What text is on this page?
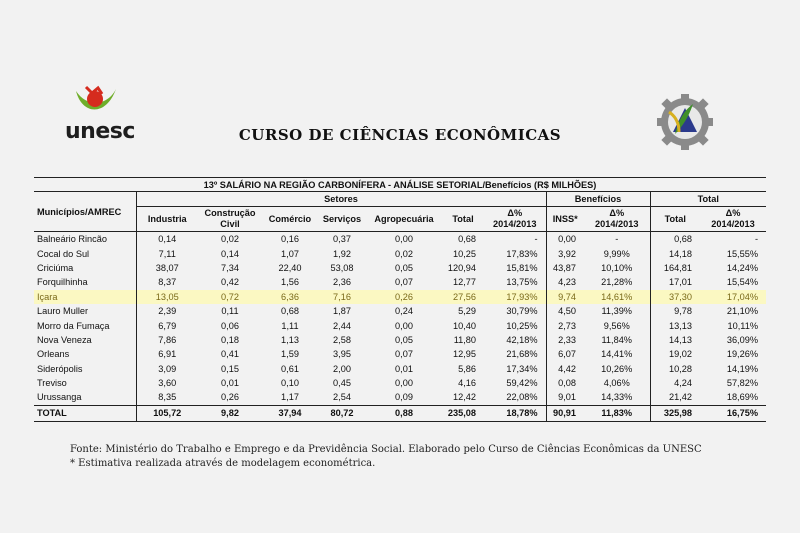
unesc	CURSO DE CIÊNCIAS ECONÔMICAS
13º SALÁRIO NA REGIÃO CARBONÍFERA - ANÁLISE SETORIAL/Benefícios (R$ MILHÕES)											
Municípios/AMREC	Setores							Benefícios		Total	
	Industria	Construção Civil	Comércio	Serviços	Agropecuária	Total	Δ% 2014/2013	INSS*	Δ% 2014/2013	Total	Δ% 2014/2013
Balneário Rincão	0,14	0,02	0,16	0,37	0,00	0,68	-	0,00	-	0,68	-
Cocal do Sul	7,11	0,14	1,07	1,92	0,02	10,25	17,83%	3,92	9,99%	14,18	15,55%
Criciúma	38,07	7,34	22,40	53,08	0,05	120,94	15,81%	43,87	10,10%	164,81	14,24%
Forquilhinha	8,37	0,42	1,56	2,36	0,07	12,77	13,75%	4,23	21,28%	17,01	15,54%
Içara	13,05	0,72	6,36	7,16	0,26	27,56	17,93%	9,74	14,61%	37,30	17,04%
Lauro Muller	2,39	0,11	0,68	1,87	0,24	5,29	30,79%	4,50	11,39%	9,78	21,10%
Morro da Fumaça	6,79	0,06	1,11	2,44	0,00	10,40	10,25%	2,73	9,56%	13,13	10,11%
Nova Veneza	7,86	0,18	1,13	2,58	0,05	11,80	42,18%	2,33	11,84%	14,13	36,09%
Orleans	6,91	0,41	1,59	3,95	0,07	12,95	21,68%	6,07	14,41%	19,02	19,26%
Siderópolis	3,09	0,15	0,61	2,00	0,01	5,86	17,34%	4,42	10,26%	10,28	14,19%
Treviso	3,60	0,01	0,10	0,45	0,00	4,16	59,42%	0,08	4,06%	4,24	57,82%
Urussanga	8,35	0,26	1,17	2,54	0,09	12,42	22,08%	9,01	14,33%	21,42	18,69%
TOTAL	105,72	9,82	37,94	80,72	0,88	235,08	18,78%	90,91	11,83%	325,98	16,75%
Fonte: Ministério do Trabalho e Emprego e da Previdência Social. Elaborado pelo Curso de Ciências Econômicas da UNESC
* Estimativa realizada através de modelagem econométrica.
